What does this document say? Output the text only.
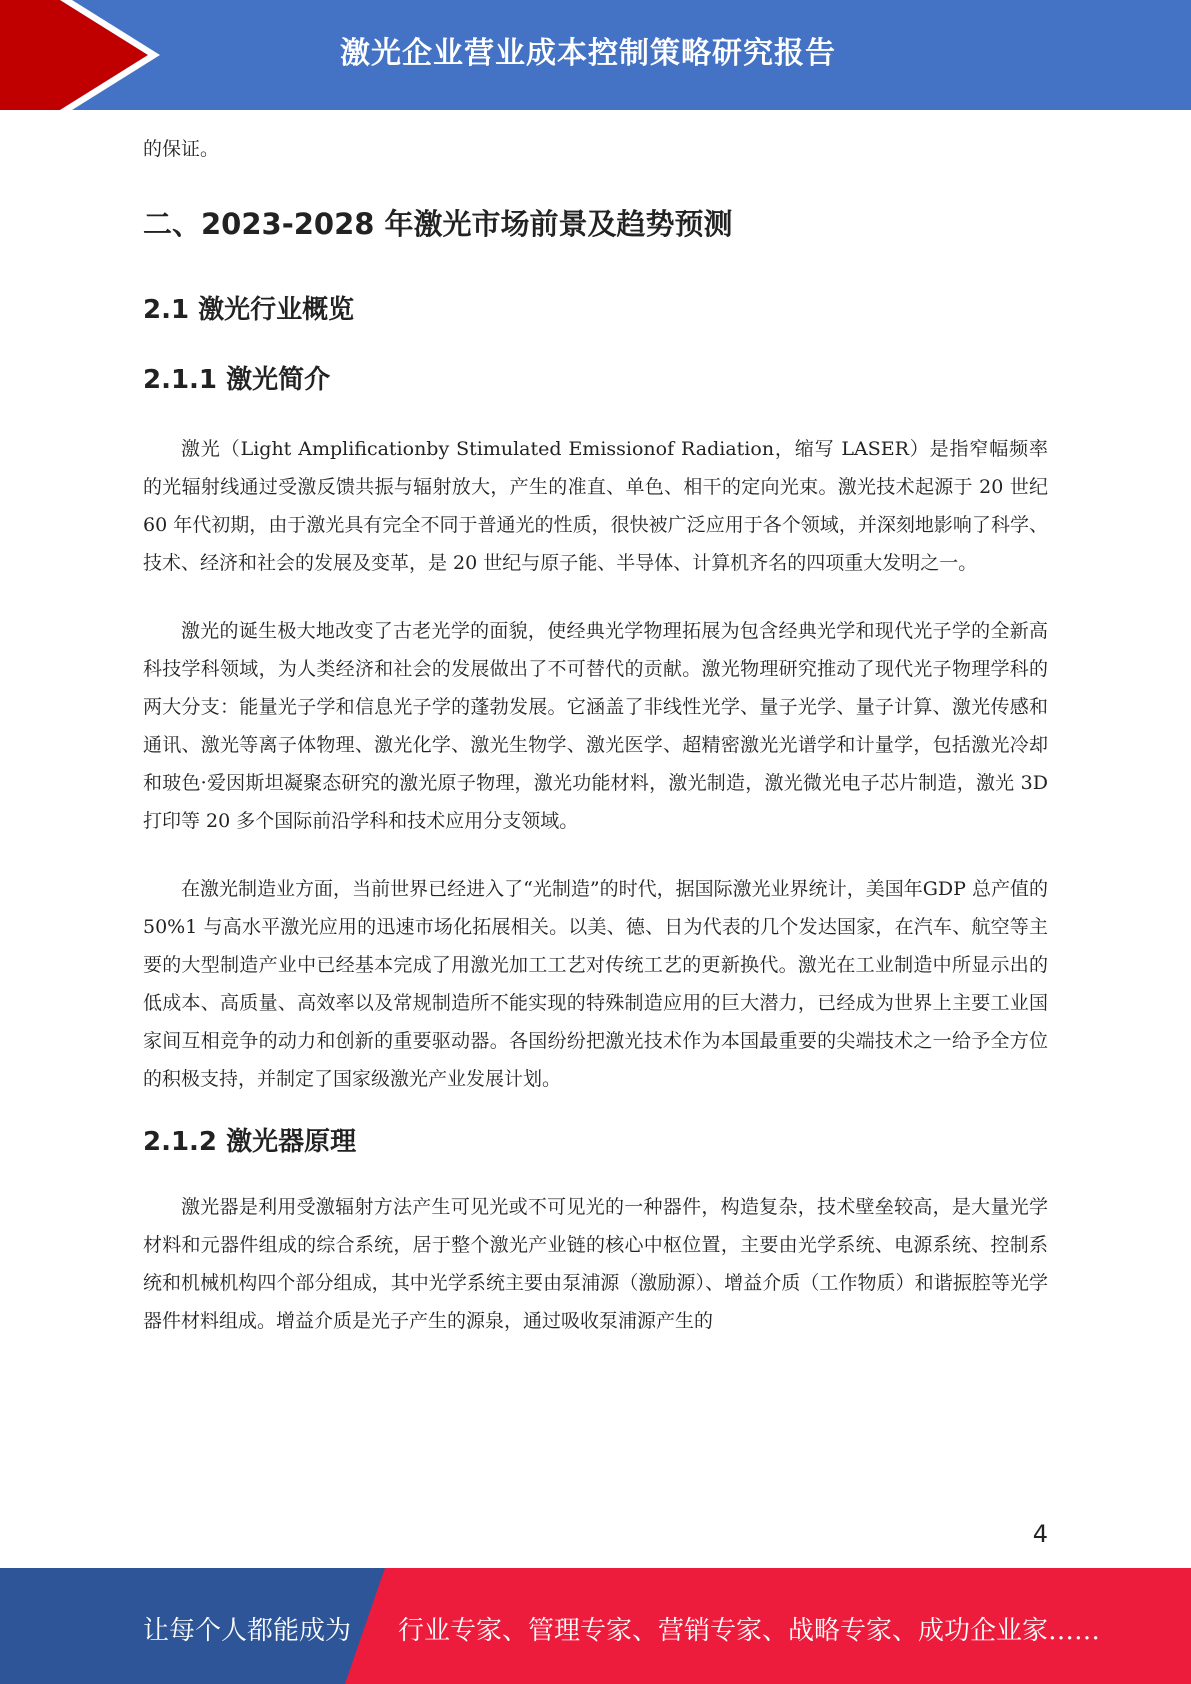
激光企业营业成本控制策略研究报告

的保证。

二、2023-2028 年激光市场前景及趋势预测
2.1 激光行业概览
2.1.1 激光简介

激光（Light Amplificationby Stimulated Emissionof Radiation，缩写 LASER）是指窄幅频率的光辐射线通过受激反馈共振与辐射放大，产生的准直、单色、相干的定向光束。激光技术起源于 20 世纪 60 年代初期，由于激光具有完全不同于普通光的性质，很快被广泛应用于各个领域，并深刻地影响了科学、技术、经济和社会的发展及变革，是 20 世纪与原子能、半导体、计算机齐名的四项重大发明之一。

激光的诞生极大地改变了古老光学的面貌，使经典光学物理拓展为包含经典光学和现代光子学的全新高科技学科领域，为人类经济和社会的发展做出了不可替代的贡献。激光物理研究推动了现代光子物理学科的两大分支：能量光子学和信息光子学的蓬勃发展。它涵盖了非线性光学、量子光学、量子计算、激光传感和通讯、激光等离子体物理、激光化学、激光生物学、激光医学、超精密激光光谱学和计量学，包括激光冷却和玻色·爱因斯坦凝聚态研究的激光原子物理，激光功能材料，激光制造，激光微光电子芯片制造，激光 3D 打印等 20 多个国际前沿学科和技术应用分支领域。

在激光制造业方面，当前世界已经进入了“光制造”的时代，据国际激光业界统计，美国年GDP 总产值的 50%1 与高水平激光应用的迅速市场化拓展相关。以美、德、日为代表的几个发达国家，在汽车、航空等主要的大型制造产业中已经基本完成了用激光加工工艺对传统工艺的更新换代。激光在工业制造中所显示出的低成本、高质量、高效率以及常规制造所不能实现的特殊制造应用的巨大潜力，已经成为世界上主要工业国家间互相竞争的动力和创新的重要驱动器。各国纷纷把激光技术作为本国最重要的尖端技术之一给予全方位的积极支持，并制定了国家级激光产业发展计划。

2.1.2 激光器原理

激光器是利用受激辐射方法产生可见光或不可见光的一种器件，构造复杂，技术壁垒较高，是大量光学材料和元器件组成的综合系统，居于整个激光产业链的核心中枢位置，主要由光学系统、电源系统、控制系统和机械机构四个部分组成，其中光学系统主要由泵浦源（激励源）、增益介质（工作物质）和谐振腔等光学器件材料组成。增益介质是光子产生的源泉，通过吸收泵浦源产生的

4
让每个人都能成为 行业专家、管理专家、营销专家、战略专家、成功企业家……
